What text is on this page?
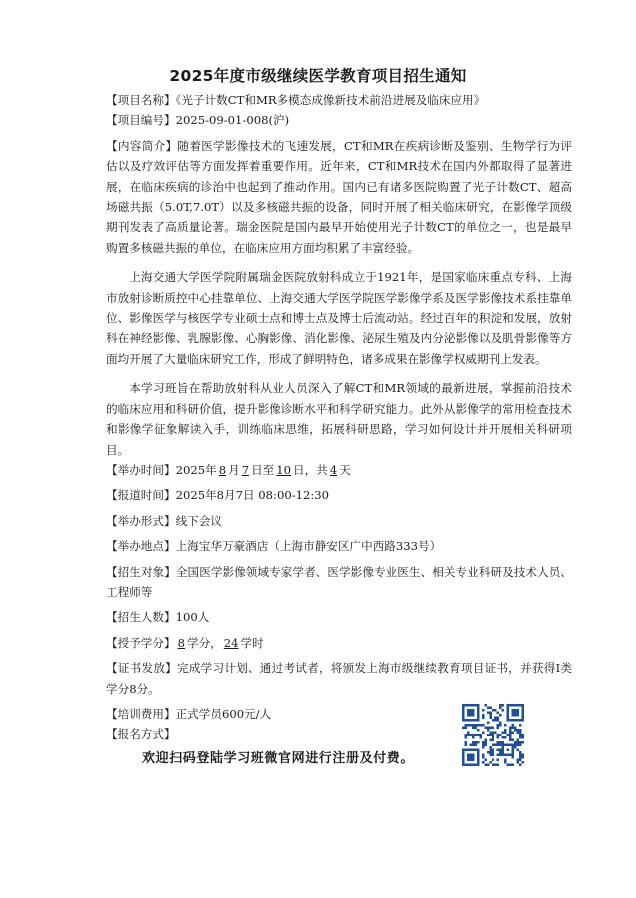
2025年度市级继续医学教育项目招生通知

【项目名称】《光子计数CT和MR多模态成像新技术前沿进展及临床应用》

【项目编号】2025-09-01-008(沪)

【内容简介】随着医学影像技术的飞速发展，CT和MR在疾病诊断及鉴别、生物学行为评估以及疗效评估等方面发挥着重要作用。近年来，CT和MR技术在国内外都取得了显著进展，在临床疾病的诊治中也起到了推动作用。国内已有诸多医院购置了光子计数CT、超高场磁共振（5.0T,7.0T）以及多核磁共振的设备，同时开展了相关临床研究，在影像学顶级期刊发表了高质量论著。瑞金医院是国内最早开始使用光子计数CT的单位之一，也是最早购置多核磁共振的单位，在临床应用方面均积累了丰富经验。

上海交通大学医学院附属瑞金医院放射科成立于1921年，是国家临床重点专科、上海市放射诊断质控中心挂靠单位、上海交通大学医学院医学影像学系及医学影像技术系挂靠单位、影像医学与核医学专业硕士点和博士点及博士后流动站。经过百年的积淀和发展，放射科在神经影像、乳腺影像、心胸影像、消化影像、泌尿生殖及内分泌影像以及肌骨影像等方面均开展了大量临床研究工作，形成了鲜明特色，诸多成果在影像学权威期刊上发表。

本学习班旨在帮助放射科从业人员深入了解CT和MR领域的最新进展，掌握前沿技术的临床应用和科研价值，提升影像诊断水平和科学研究能力。此外从影像学的常用检查技术和影像学征象解读入手，训练临床思维，拓展科研思路，学习如何设计并开展相关科研项目。

【举办时间】2025年 8 月 7 日至 10 日，共 4 天

【报道时间】2025年8月7日 08:00-12:30

【举办形式】线下会议

【举办地点】上海宝华万豪酒店（上海市静安区广中西路333号）

【招生对象】全国医学影像领域专家学者、医学影像专业医生、相关专业科研及技术人员、工程师等

【招生人数】100人

【授予学分】 8 学分， 24 学时

【证书发放】完成学习计划、通过考试者，将颁发上海市级继续教育项目证书，并获得I类学分8分。

【培训费用】正式学员600元/人

【报名方式】

欢迎扫码登陆学习班微官网进行注册及付费。
